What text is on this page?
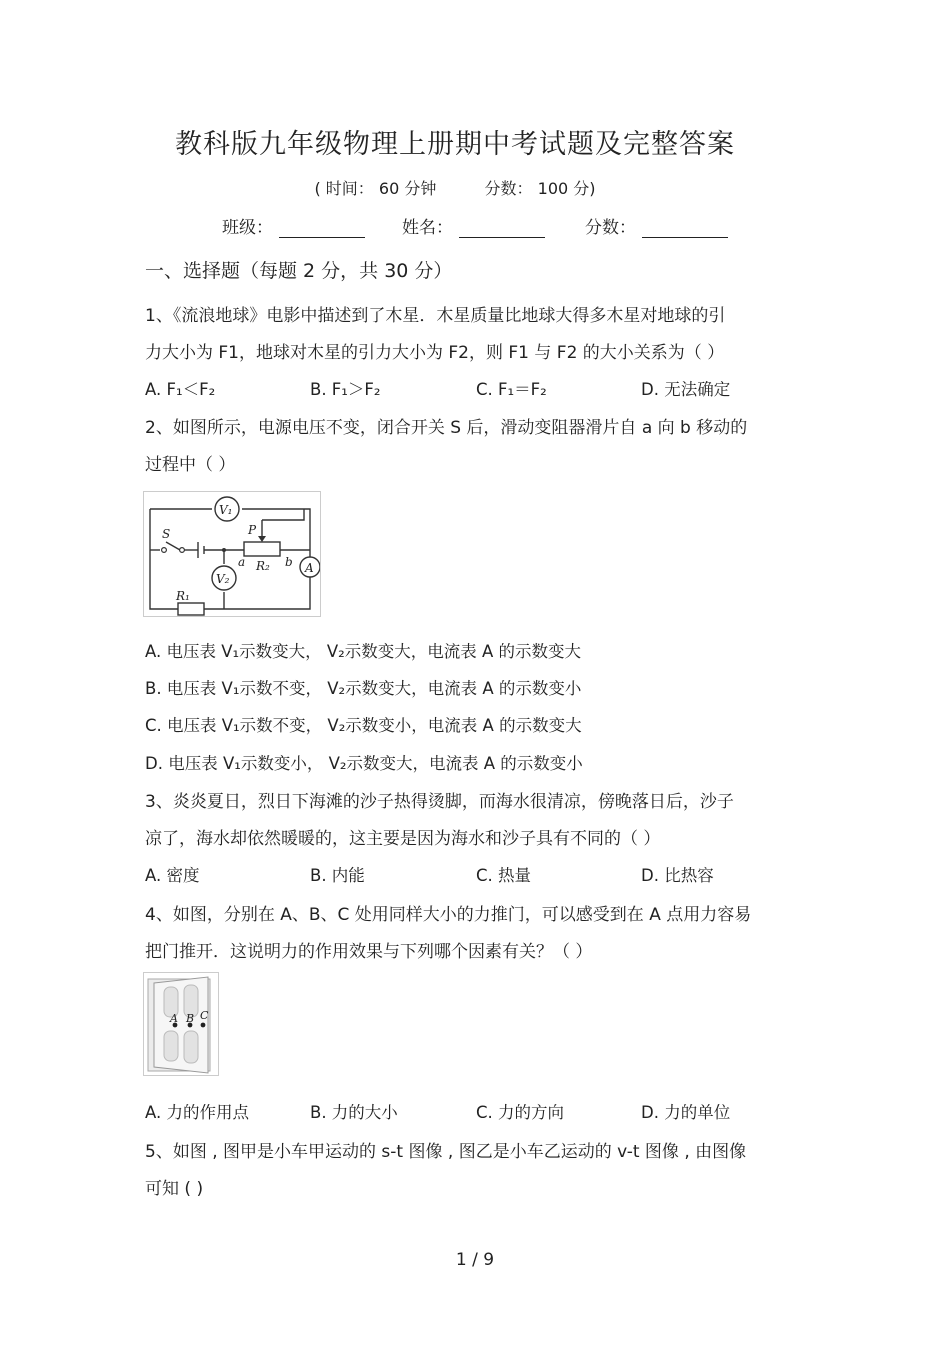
教科版九年级物理上册期中考试题及完整答案
( 时间： 60 分钟	分数： 100 分)
班级：	姓名：	分数：
一、选择题（每题 2 分，共 30 分）
1、《流浪地球》电影中描述到了木星．木星质量比地球大得多木星对地球的引
力大小为 F1，地球对木星的引力大小为 F2，则 F1 与 F2 的大小关系为（ ）
A. F₁＜F₂	B. F₁＞F₂	C. F₁＝F₂	D. 无法确定
2、如图所示，电源电压不变，闭合开关 S 后，滑动变阻器滑片自 a 向 b 移动的
过程中（ ）
V₁
V₂
A
S	P
R₁
R₂
a	b
A. 电压表 V₁示数变大， V₂示数变大，电流表 A 的示数变大
B. 电压表 V₁示数不变， V₂示数变大，电流表 A 的示数变小
C. 电压表 V₁示数不变， V₂示数变小，电流表 A 的示数变大
D. 电压表 V₁示数变小， V₂示数变大，电流表 A 的示数变小
3、炎炎夏日，烈日下海滩的沙子热得烫脚，而海水很清凉，傍晚落日后，沙子
凉了，海水却依然暖暖的，这主要是因为海水和沙子具有不同的（ ）
A. 密度	B. 内能	C. 热量	D. 比热容
4、如图，分别在 A、B、C 处用同样大小的力推门，可以感受到在 A 点用力容易
把门推开．这说明力的作用效果与下列哪个因素有关？（ ）
A B C
A. 力的作用点	B. 力的大小	C. 力的方向	D. 力的单位
5、如图 , 图甲是小车甲运动的 s-t 图像 , 图乙是小车乙运动的 v-t 图像 , 由图像
可知 ( )
1 / 9
